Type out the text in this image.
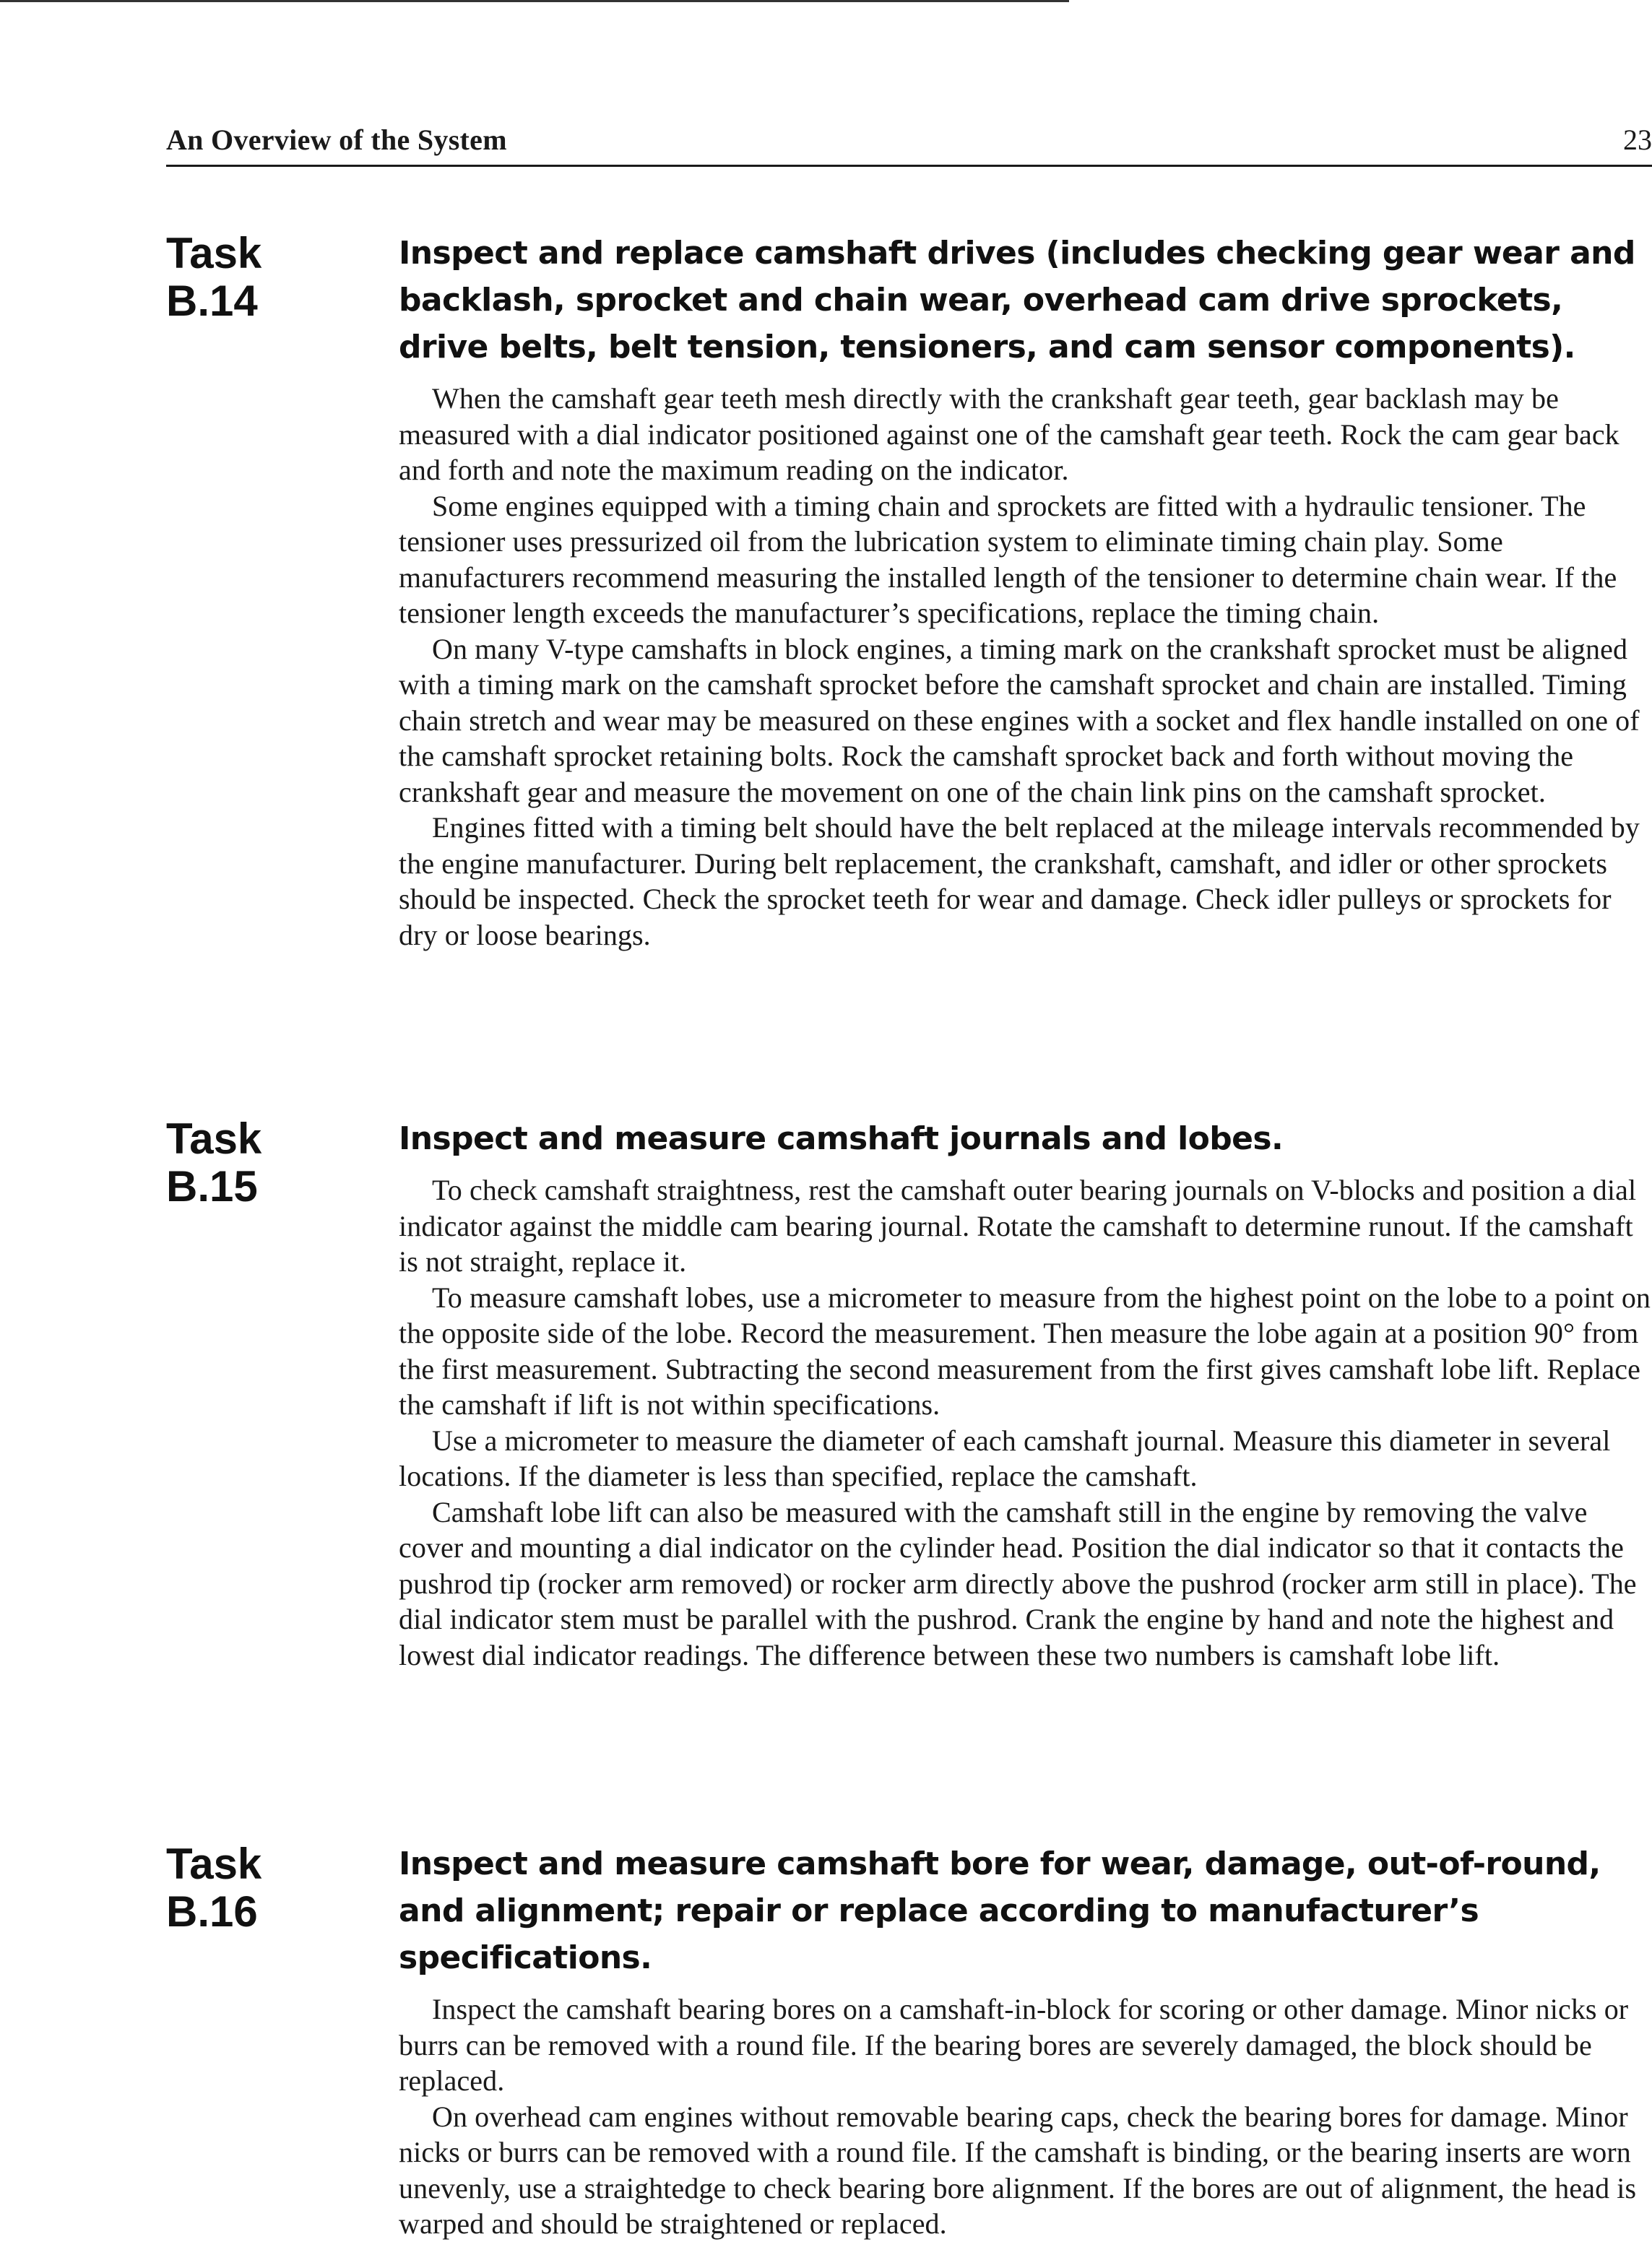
An Overview of the System	23
Task
B.14
Inspect and replace camshaft drives (includes checking gear wear and backlash, sprocket and chain wear, overhead cam drive sprockets, drive belts, belt tension, tensioners, and cam sensor components).

When the camshaft gear teeth mesh directly with the crankshaft gear teeth, gear backlash may be measured with a dial indicator positioned against one of the camshaft gear teeth. Rock the cam gear back and forth and note the maximum reading on the indicator.

Some engines equipped with a timing chain and sprockets are fitted with a hydraulic tensioner. The tensioner uses pressurized oil from the lubrication system to eliminate timing chain play. Some manufacturers recommend measuring the installed length of the tensioner to determine chain wear. If the tensioner length exceeds the manufacturer’s specifications, replace the timing chain.

On many V-type camshafts in block engines, a timing mark on the crankshaft sprocket must be aligned with a timing mark on the camshaft sprocket before the camshaft sprocket and chain are installed. Timing chain stretch and wear may be measured on these engines with a socket and flex handle installed on one of the camshaft sprocket retaining bolts. Rock the camshaft sprocket back and forth without moving the crankshaft gear and measure the movement on one of the chain link pins on the camshaft sprocket.

Engines fitted with a timing belt should have the belt replaced at the mileage intervals recommended by the engine manufacturer. During belt replacement, the crankshaft, camshaft, and idler or other sprockets should be inspected. Check the sprocket teeth for wear and damage. Check idler pulleys or sprockets for dry or loose bearings.

Task
B.15
Inspect and measure camshaft journals and lobes.

To check camshaft straightness, rest the camshaft outer bearing journals on V-blocks and position a dial indicator against the middle cam bearing journal. Rotate the camshaft to determine runout. If the camshaft is not straight, replace it.

To measure camshaft lobes, use a micrometer to measure from the highest point on the lobe to a point on the opposite side of the lobe. Record the measurement. Then measure the lobe again at a position 90° from the first measurement. Subtracting the second measurement from the first gives camshaft lobe lift. Replace the camshaft if lift is not within specifications.

Use a micrometer to measure the diameter of each camshaft journal. Measure this diameter in several locations. If the diameter is less than specified, replace the camshaft.

Camshaft lobe lift can also be measured with the camshaft still in the engine by removing the valve cover and mounting a dial indicator on the cylinder head. Position the dial indicator so that it contacts the pushrod tip (rocker arm removed) or rocker arm directly above the pushrod (rocker arm still in place). The dial indicator stem must be parallel with the pushrod. Crank the engine by hand and note the highest and lowest dial indicator readings. The difference between these two numbers is camshaft lobe lift.

Task
B.16
Inspect and measure camshaft bore for wear, damage, out-of-round, and alignment; repair or replace according to manufacturer’s specifications.

Inspect the camshaft bearing bores on a camshaft-in-block for scoring or other damage. Minor nicks or burrs can be removed with a round file. If the bearing bores are severely damaged, the block should be replaced.

On overhead cam engines without removable bearing caps, check the bearing bores for damage. Minor nicks or burrs can be removed with a round file. If the camshaft is binding, or the bearing inserts are worn unevenly, use a straightedge to check bearing bore alignment. If the bores are out of alignment, the head is warped and should be straightened or replaced.
